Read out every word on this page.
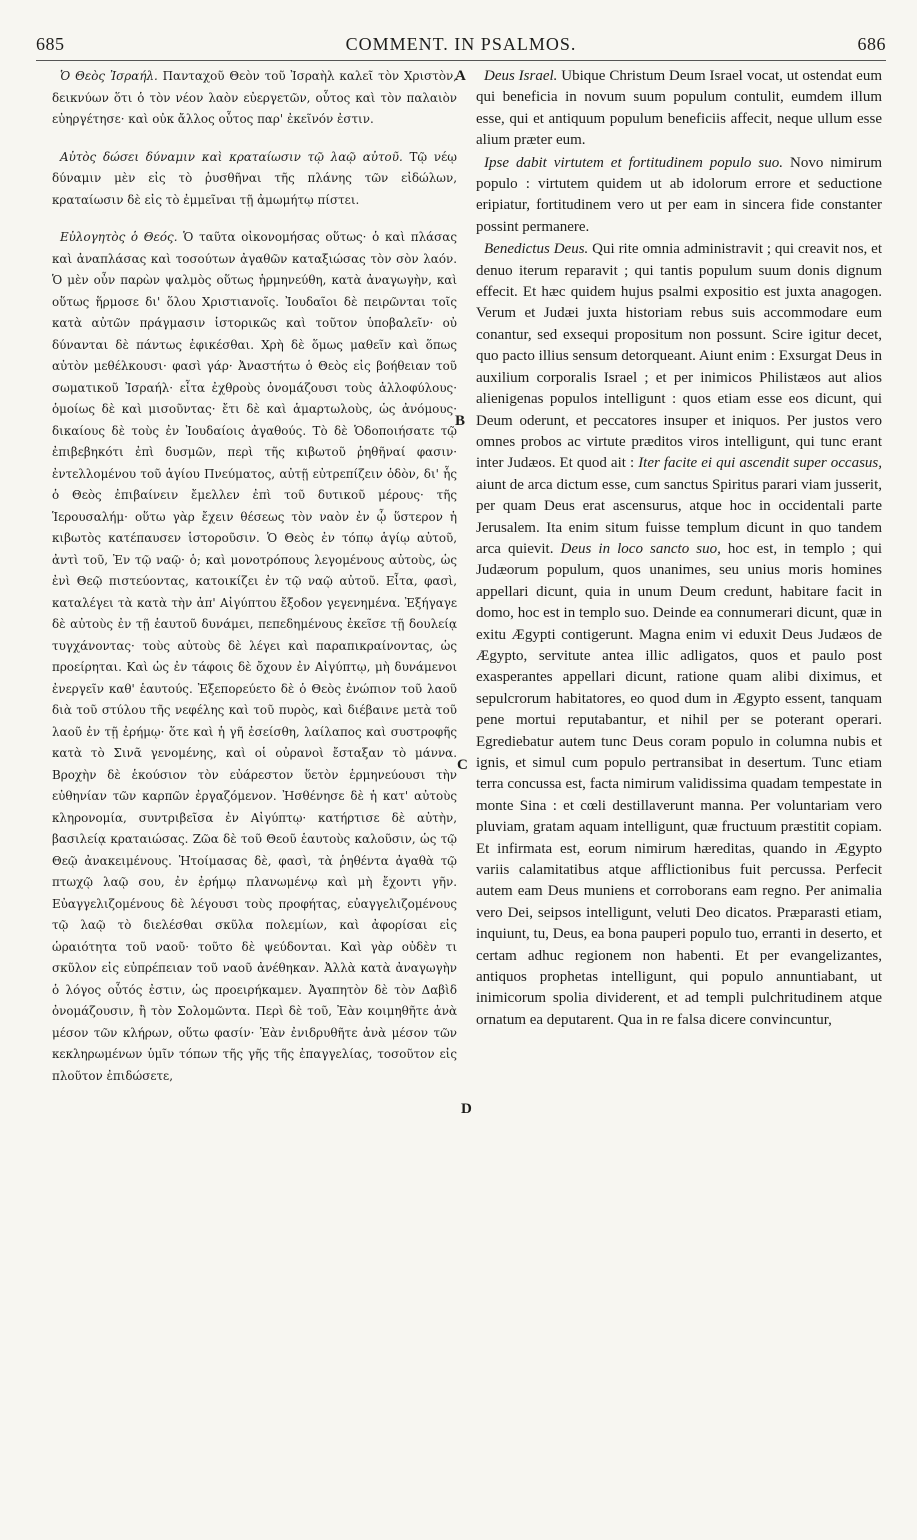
685	COMMENT. IN PSALMOS.	686

Ὁ Θεὸς Ἰσραήλ. Πανταχοῦ Θεὸν τοῦ Ἰσραὴλ καλεῖ τὸν Χριστὸν, δεικνύων ὅτι ὁ τὸν νέον λαὸν εὐεργετῶν, οὗτος καὶ τὸν παλαιὸν εὐηργέτησε· καὶ οὐκ ἄλλος οὗτος παρ' ἐκεῖνόν ἐστιν.

Αὐτὸς δώσει δύναμιν καὶ κραταίωσιν τῷ λαῷ αὐτοῦ. Τῷ νέῳ δύναμιν μὲν εἰς τὸ ῥυσθῆναι τῆς πλάνης τῶν εἰδώλων, κραταίωσιν δὲ εἰς τὸ ἐμμεῖναι τῇ ἀμωμήτῳ πίστει.

Εὐλογητὸς ὁ Θεός. Ὁ ταῦτα οἰκονομήσας οὕτως· ὁ καὶ πλάσας καὶ ἀναπλάσας καὶ τοσούτων ἀγαθῶν καταξιώσας τὸν σὸν λαόν. Ὁ μὲν οὖν παρὼν ψαλμὸς οὕτως ἡρμηνεύθη, κατὰ ἀναγωγὴν, καὶ οὕτως ἥρμοσε δι' ὅλου Χριστιανοῖς. Ἰουδαῖοι δὲ πειρῶνται τοῖς κατὰ αὐτῶν πράγμασιν ἱστορικῶς καὶ τοῦτον ὑποβαλεῖν· οὐ δύνανται δὲ πάντως ἐφικέσθαι. Χρὴ δὲ ὅμως μαθεῖν καὶ ὅπως αὐτὸν μεθέλκουσι· φασὶ γάρ· Ἀναστήτω ὁ Θεὸς εἰς βοήθειαν τοῦ σωματικοῦ Ἰσραήλ· εἶτα ἐχθροὺς ὀνομάζουσι τοὺς ἀλλοφύλους· ὁμοίως δὲ καὶ μισοῦντας· ἔτι δὲ καὶ ἁμαρτωλοὺς, ὡς ἀνόμους· δικαίους δὲ τοὺς ἐν Ἰουδαίοις ἀγαθούς. Τὸ δὲ Ὁδοποιήσατε τῷ ἐπιβεβηκότι ἐπὶ δυσμῶν, περὶ τῆς κιβωτοῦ ῥηθῆναί φασιν· ἐντελλομένου τοῦ ἁγίου Πνεύματος, αὐτῇ εὐτρεπίζειν ὁδὸν, δι' ἧς ὁ Θεὸς ἐπιβαίνειν ἔμελλεν ἐπὶ τοῦ δυτικοῦ μέρους· τῆς Ἱερουσαλήμ· οὕτω γὰρ ἔχειν θέσεως τὸν ναὸν ἐν ᾧ ὕστερον ἡ κιβωτὸς κατέπαυσεν ἱστοροῦσιν. Ὁ Θεὸς ἐν τόπῳ ἁγίῳ αὐτοῦ, ἀντὶ τοῦ, Ἐν τῷ ναῷ· ὁ; καὶ μονοτρόπους λεγομένους αὐτοὺς, ὡς ἐνὶ Θεῷ πιστεύοντας, κατοικίζει ἐν τῷ ναῷ αὐτοῦ. Εἶτα, φασὶ, καταλέγει τὰ κατὰ τὴν ἀπ' Αἰγύπτου ἔξοδον γεγενημένα. Ἐξήγαγε δὲ αὐτοὺς ἐν τῇ ἑαυτοῦ δυνάμει, πεπεδημένους ἐκεῖσε τῇ δουλείᾳ τυγχάνοντας· τοὺς αὐτοὺς δὲ λέγει καὶ παραπικραίνοντας, ὡς προείρηται. Καὶ ὡς ἐν τάφοις δὲ ὄχουν ἐν Αἰγύπτῳ, μὴ δυνάμενοι ἐνεργεῖν καθ' ἑαυτούς. Ἐξεπορεύετο δὲ ὁ Θεὸς ἐνώπιον τοῦ λαοῦ διὰ τοῦ στύλου τῆς νεφέλης καὶ τοῦ πυρὸς, καὶ διέβαινε μετὰ τοῦ λαοῦ ἐν τῇ ἐρήμῳ· ὅτε καὶ ἡ γῆ ἐσείσθη, λαίλαπος καὶ συστροφῆς κατὰ τὸ Σινᾶ γενομένης, καὶ οἱ οὐρανοὶ ἔσταξαν τὸ μάννα. Βροχὴν δὲ ἑκούσιον τὸν εὐάρεστον ὕετὸν ἑρμηνεύουσι τὴν εὐθηνίαν τῶν καρπῶν ἐργαζόμενον. Ἠσθένησε δὲ ἡ κατ' αὐτοὺς κληρονομία, συντριβεῖσα ἐν Αἰγύπτῳ· κατήρτισε δὲ αὐτὴν, βασιλείᾳ κραταιώσας. Ζῶα δὲ τοῦ Θεοῦ ἑαυτοὺς καλοῦσιν, ὡς τῷ Θεῷ ἀνακειμένους. Ἡτοίμασας δὲ, φασὶ, τὰ ῥηθέντα ἀγαθὰ τῷ πτωχῷ λαῷ σου, ἐν ἐρήμῳ πλανωμένῳ καὶ μὴ ἔχοντι γῆν. Εὐαγγελιζομένους δὲ λέγουσι τοὺς προφήτας, εὐαγγελιζομένους τῷ λαῷ τὸ διελέσθαι σκῦλα πολεμίων, καὶ ἀφορίσαι εἰς ὡραιότητα τοῦ ναοῦ· τοῦτο δὲ ψεύδονται. Καὶ γὰρ οὐδὲν τι σκῦλον εἰς εὐπρέπειαν τοῦ ναοῦ ἀνέθηκαν. Ἀλλὰ κατὰ ἀναγωγὴν ὁ λόγος οὗτός ἐστιν, ὡς προειρήκαμεν. Ἀγαπητὸν δὲ τὸν Δαβὶδ ὀνομάζουσιν, ἢ τὸν Σολομῶντα. Περὶ δὲ τοῦ, Ἐὰν κοιμηθῆτε ἀνὰ μέσον τῶν κλήρων, οὕτω φασίν· Ἐὰν ἐνιδρυθῆτε ἀνὰ μέσον τῶν κεκληρωμένων ὑμῖν τόπων τῆς γῆς τῆς ἐπαγγελίας, τοσοῦτον εἰς πλοῦτον ἐπιδώσετε,

A
B
C
D

Deus Israel. Ubique Christum Deum Israel vocat, ut ostendat eum qui beneficia in novum suum populum contulit, eumdem illum esse, qui et antiquum populum beneficiis affecit, neque ullum esse alium præter eum.

Ipse dabit virtutem et fortitudinem populo suo. Novo nimirum populo : virtutem quidem ut ab idolorum errore et seductione eripiatur, fortitudinem vero ut per eam in sincera fide constanter possint permanere.

Benedictus Deus. Qui rite omnia administravit ; qui creavit nos, et denuo iterum reparavit ; qui tantis populum suum donis dignum effecit. Et hæc quidem hujus psalmi expositio est juxta anagogen. Verum et Judæi juxta historiam rebus suis accommodare eum conantur, sed exsequi propositum non possunt. Scire igitur decet, quo pacto illius sensum detorqueant. Aiunt enim : Exsurgat Deus in auxilium corporalis Israel ; et per inimicos Philistæos aut alios alienigenas populos intelligunt : quos etiam esse eos dicunt, qui Deum oderunt, et peccatores insuper et iniquos. Per justos vero omnes probos ac virtute præditos viros intelligunt, qui tunc erant inter Judæos. Et quod ait : Iter facite ei qui ascendit super occasus, aiunt de arca dictum esse, cum sanctus Spiritus parari viam jusserit, per quam Deus erat ascensurus, atque hoc in occidentali parte Jerusalem. Ita enim situm fuisse templum dicunt in quo tandem arca quievit. Deus in loco sancto suo, hoc est, in templo ; qui Judæorum populum, quos unanimes, seu unius moris homines appellari dicunt, quia in unum Deum credunt, habitare facit in domo, hoc est in templo suo. Deinde ea connumerari dicunt, quæ in exitu Ægypti contigerunt. Magna enim vi eduxit Deus Judæos de Ægypto, servitute antea illic adligatos, quos et paulo post exasperantes appellari dicunt, ratione quam alibi diximus, et sepulcrorum habitatores, eo quod dum in Ægypto essent, tanquam pene mortui reputabantur, et nihil per se poterant operari. Egrediebatur autem tunc Deus coram populo in columna nubis et ignis, et simul cum populo pertransibat in desertum. Tunc etiam terra concussa est, facta nimirum validissima quadam tempestate in monte Sina : et cœli destillaverunt manna. Per voluntariam vero pluviam, gratam aquam intelligunt, quæ fructuum præstitit copiam. Et infirmata est, eorum nimirum hæreditas, quando in Ægypto variis calamitatibus atque afflictionibus fuit percussa. Perfecit autem eam Deus muniens et corroborans eam regno. Per animalia vero Dei, seipsos intelligunt, veluti Deo dicatos. Præparasti etiam, inquiunt, tu, Deus, ea bona pauperi populo tuo, erranti in deserto, et certam adhuc regionem non habenti. Et per evangelizantes, antiquos prophetas intelligunt, qui populo annuntiabant, ut inimicorum spolia dividerent, et ad templi pulchritudinem atque ornatum ea deputarent. Qua in re falsa dicere convincuntur,
